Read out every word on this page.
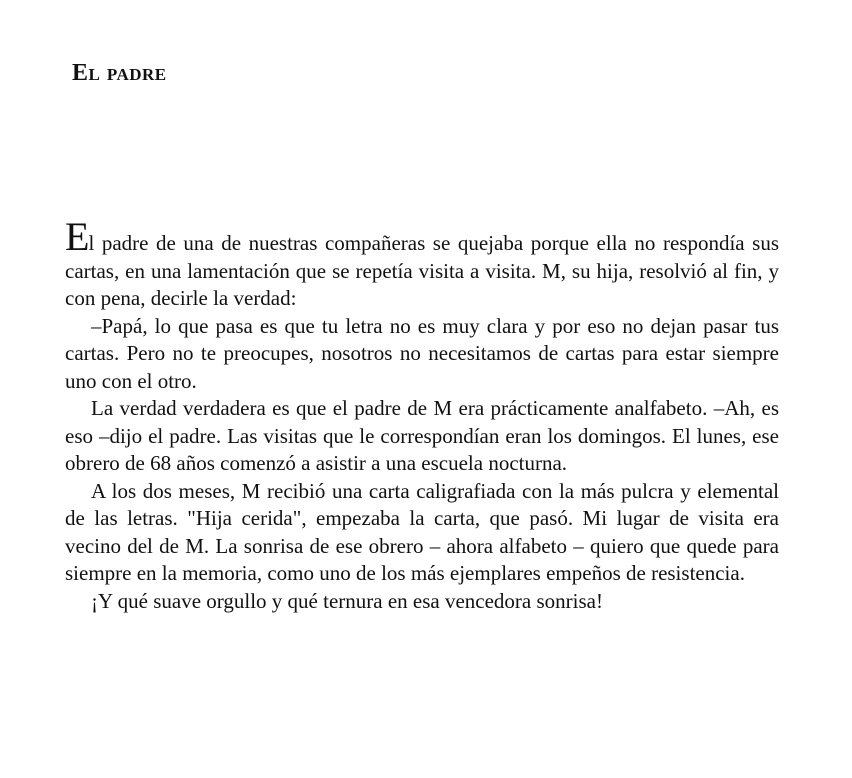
El padre

El padre de una de nuestras compañeras se quejaba porque ella no respondía sus cartas, en una lamentación que se repetía visita a visita. M, su hija, resolvió al fin, y con pena, decirle la verdad:

–Papá, lo que pasa es que tu letra no es muy clara y por eso no dejan pasar tus cartas. Pero no te preocupes, nosotros no necesitamos de cartas para estar siempre uno con el otro.

La verdad verdadera es que el padre de M era prácticamente analfabeto. –Ah, es eso –dijo el padre. Las visitas que le correspondían eran los domingos. El lunes, ese obrero de 68 años comenzó a asistir a una escuela nocturna.

A los dos meses, M recibió una carta caligrafiada con la más pulcra y elemental de las letras. "Hija cerida", empezaba la carta, que pasó. Mi lugar de visita era vecino del de M. La sonrisa de ese obrero – ahora alfabeto – quiero que quede para siempre en la memoria, como uno de los más ejemplares empeños de resistencia.

¡Y qué suave orgullo y qué ternura en esa vencedora sonrisa!
